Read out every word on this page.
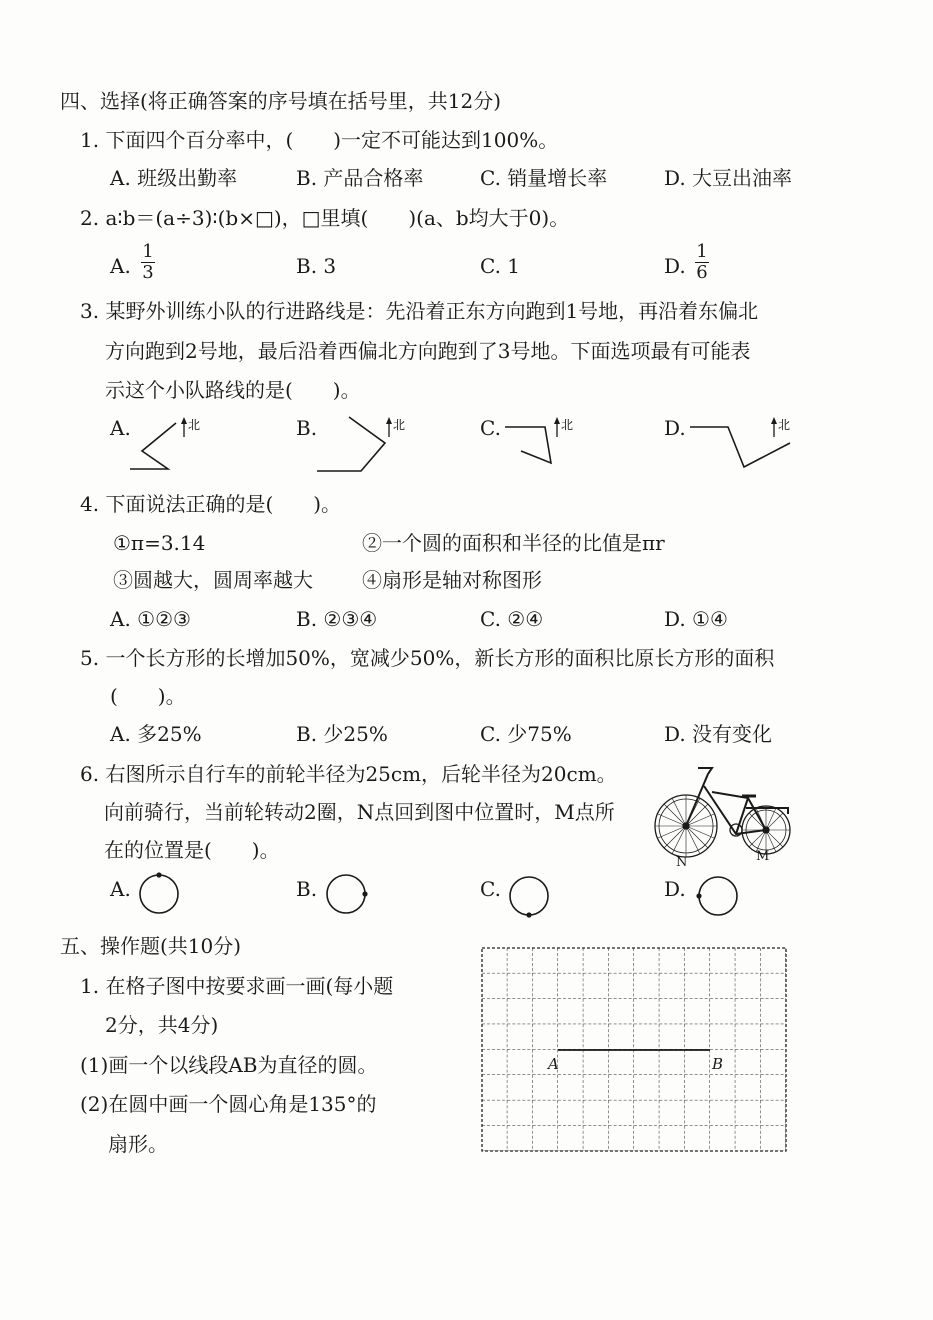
四、选择(将正确答案的序号填在括号里，共12分)
1. 下面四个百分率中，(　　)一定不可能达到100%。
A. 班级出勤率	B. 产品合格率	C. 销量增长率	D. 大豆出油率
2. a∶b＝(a÷3)∶(b×□)，□里填(　　)(a、b均大于0)。
A.
1
3	B. 3	C. 1	D.
1
6
3. 某野外训练小队的行进路线是：先沿着正东方向跑到1号地，再沿着东偏北
方向跑到2号地，最后沿着西偏北方向跑到了3号地。下面选项最有可能表
示这个小队路线的是(　　)。
A.	北	B.	北	C.	北	D.	北
4. 下面说法正确的是(　　)。
①π=3.14	②一个圆的面积和半径的比值是πr
③圆越大，圆周率越大 ④扇形是轴对称图形
A. ①②③	B. ②③④	C. ②④	D. ①④
5. 一个长方形的长增加50%，宽减少50%，新长方形的面积比原长方形的面积
(　　)。
A. 多25%	B. 少25%	C. 少75%	D. 没有变化
6. 右图所示自行车的前轮半径为25cm，后轮半径为20cm。
向前骑行，当前轮转动2圈，N点回到图中位置时，M点所
在的位置是(　　)。
N	M
A.	B.	C.	D.
五、操作题(共10分)
1. 在格子图中按要求画一画(每小题
2分，共4分)
(1)画一个以线段AB为直径的圆。
(2)在圆中画一个圆心角是135°的
扇形。
A	B
